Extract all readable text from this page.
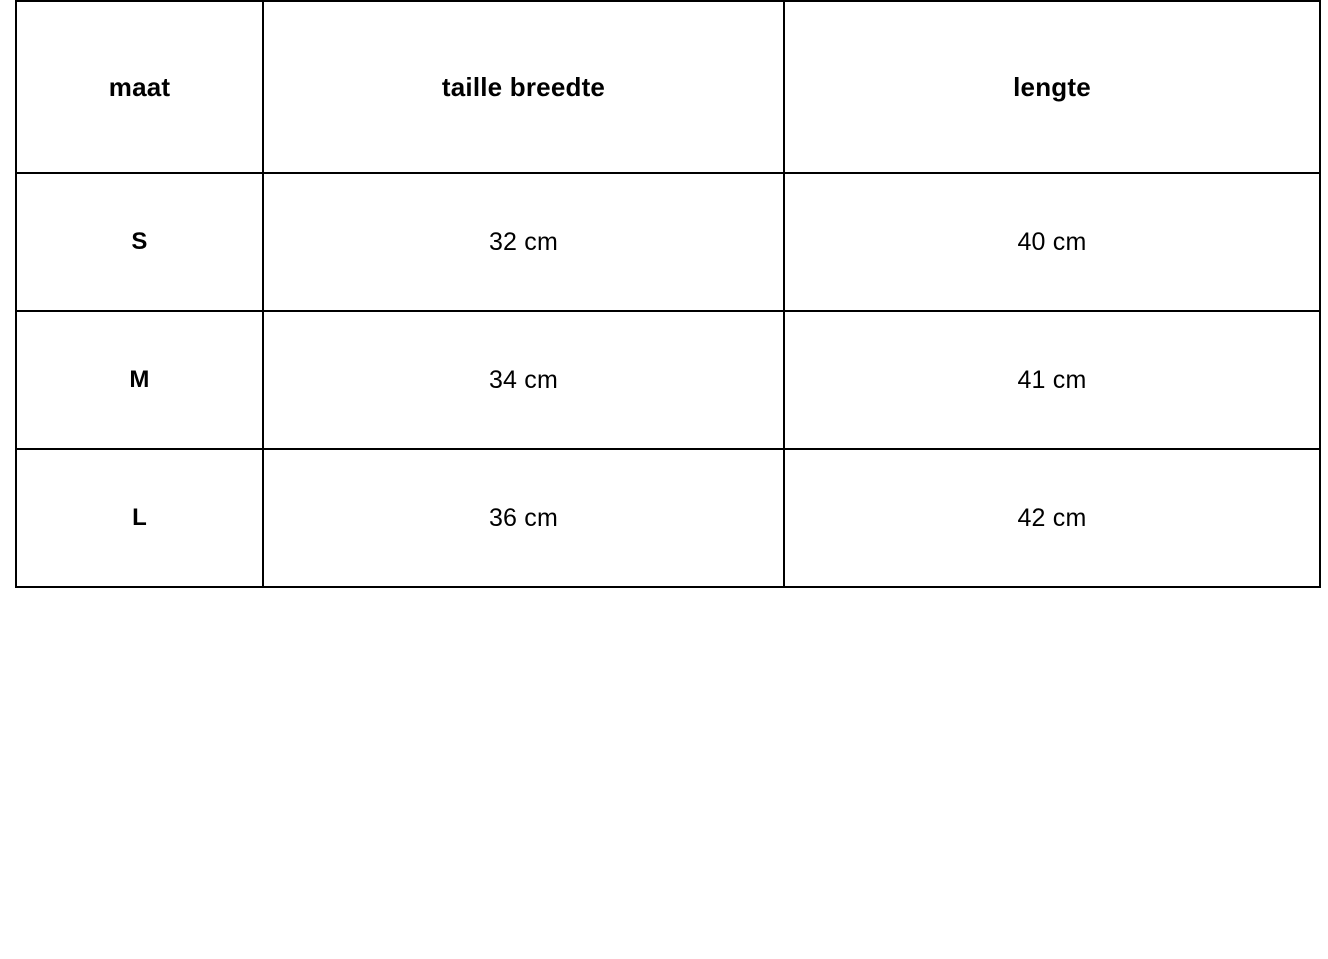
maat	taille breedte	lengte
S	32 cm	40 cm
M	34 cm	41 cm
L	36 cm	42 cm
